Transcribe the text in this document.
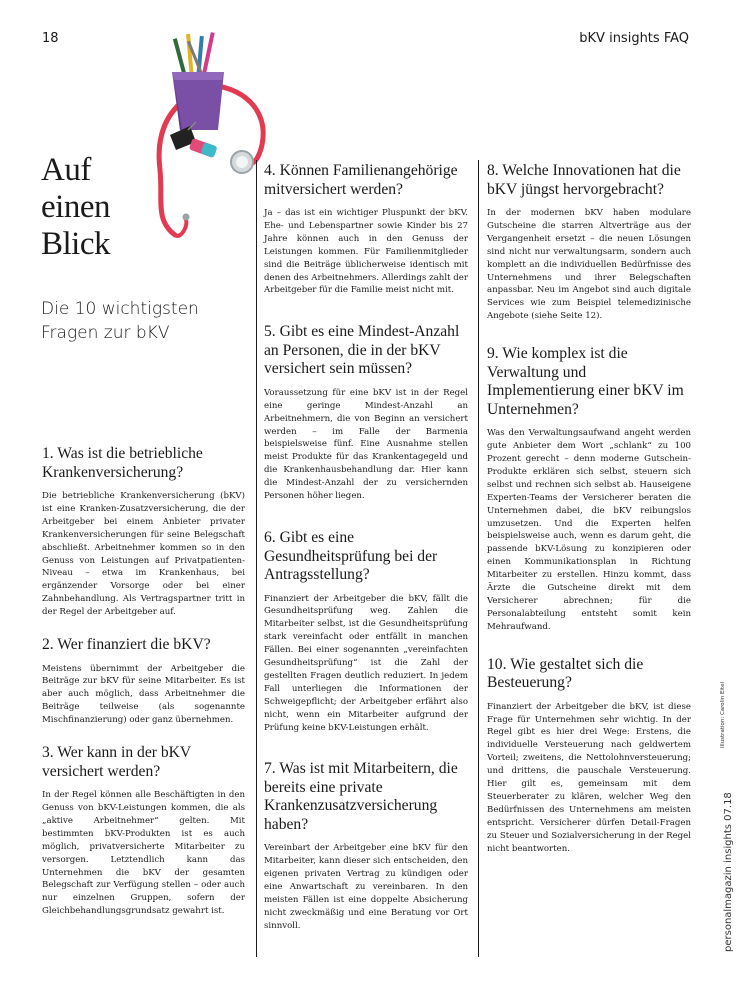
18	bKV insights FAQ
Auf
einen
Blick
Die 10 wichtigsten
Fragen zur bKV

1. Was ist die betriebliche Krankenversicherung?

Die betriebliche Krankenversicherung (bKV) ist eine Kranken-Zusatzversicherung, die der Arbeitgeber bei einem Anbieter privater Krankenversicherungen für seine Belegschaft abschließt. Arbeitnehmer kommen so in den Genuss von Leistungen auf Privatpatienten-Niveau – etwa im Krankenhaus, bei ergänzender Vorsorge oder bei einer Zahnbehandlung. Als Vertragspartner tritt in der Regel der Arbeitgeber auf.

2. Wer finanziert die bKV?

Meistens übernimmt der Arbeitgeber die Beiträge zur bKV für seine Mitarbeiter. Es ist aber auch möglich, dass Arbeitnehmer die Beiträge teilweise (als sogenannte Mischfinanzierung) oder ganz übernehmen.

3. Wer kann in der bKV versichert werden?

In der Regel können alle Beschäftigten in den Genuss von bKV-Leistungen kommen, die als „aktive Arbeitnehmer“ gelten. Mit bestimmten bKV-Produkten ist es auch möglich, privatversicherte Mitarbeiter zu versorgen. Letztendlich kann das Unternehmen die bKV der gesamten Belegschaft zur Verfügung stellen – oder auch nur einzelnen Gruppen, sofern der Gleichbehandlungsgrundsatz gewahrt ist.

4. Können Familienangehörige mitversichert werden?

Ja – das ist ein wichtiger Pluspunkt der bKV. Ehe- und Lebenspartner sowie Kinder bis 27 Jahre können auch in den Genuss der Leistungen kommen. Für Familienmitglieder sind die Beiträge üblicherweise identisch mit denen des Arbeitnehmers. Allerdings zahlt der Arbeitgeber für die Familie meist nicht mit.

5. Gibt es eine Mindest-Anzahl an Personen, die in der bKV versichert sein müssen?

Voraussetzung für eine bKV ist in der Regel eine geringe Mindest-Anzahl an Arbeitnehmern, die von Beginn an versichert werden – im Falle der Barmenia beispielsweise fünf. Eine Ausnahme stellen meist Produkte für das Krankentagegeld und die Krankenhausbehandlung dar. Hier kann die Mindest-Anzahl der zu versichernden Personen höher liegen.

6. Gibt es eine Gesundheitsprüfung bei der Antragsstellung?

Finanziert der Arbeitgeber die bKV, fällt die Gesundheitsprüfung weg. Zahlen die Mitarbeiter selbst, ist die Gesundheitsprüfung stark vereinfacht oder entfällt in manchen Fällen. Bei einer sogenannten „vereinfachten Gesundheitsprüfung“ ist die Zahl der gestellten Fragen deutlich reduziert. In jedem Fall unterliegen die Informationen der Schweigepflicht; der Arbeitgeber erfährt also nicht, wenn ein Mitarbeiter aufgrund der Prüfung keine bKV-Leistungen erhält.

7. Was ist mit Mitarbeitern, die bereits eine private Krankenzusatzversicherung haben?

Vereinbart der Arbeitgeber eine bKV für den Mitarbeiter, kann dieser sich entscheiden, den eigenen privaten Vertrag zu kündigen oder eine Anwartschaft zu vereinbaren. In den meisten Fällen ist eine doppelte Absicherung nicht zweckmäßig und eine Beratung vor Ort sinnvoll.

8. Welche Innovationen hat die bKV jüngst hervorgebracht?

In der modernen bKV haben modulare Gutscheine die starren Altverträge aus der Vergangenheit ersetzt – die neuen Lösungen sind nicht nur verwaltungsarm, sondern auch komplett an die individuellen Bedürfnisse des Unternehmens und ihrer Belegschaften anpassbar. Neu im Angebot sind auch digitale Services wie zum Beispiel telemedizinische Angebote (siehe Seite 12).

9. Wie komplex ist die Verwaltung und Implementierung einer bKV im Unternehmen?

Was den Verwaltungsaufwand angeht werden gute Anbieter dem Wort „schlank“ zu 100 Prozent gerecht – denn moderne Gutschein-Produkte erklären sich selbst, steuern sich selbst und rechnen sich selbst ab. Hauseigene Experten-Teams der Versicherer beraten die Unternehmen dabei, die bKV reibungslos umzusetzen. Und die Experten helfen beispielsweise auch, wenn es darum geht, die passende bKV-Lösung zu konzipieren oder einen Kommunikationsplan in Richtung Mitarbeiter zu erstellen. Hinzu kommt, dass Ärzte die Gutscheine direkt mit dem Versicherer abrechnen; für die Personalabteilung entsteht somit kein Mehraufwand.

10. Wie gestaltet sich die Besteuerung?

Finanziert der Arbeitgeber die bKV, ist diese Frage für Unternehmen sehr wichtig. In der Regel gibt es hier drei Wege: Erstens, die individuelle Versteuerung nach geldwertem Vorteil; zweitens, die Nettolohnversteuerung; und drittens, die pauschale Versteuerung. Hier gilt es, gemeinsam mit dem Steuerberater zu klären, welcher Weg den Bedürfnissen des Unternehmens am meisten entspricht. Versicherer dürfen Detail-Fragen zu Steuer und Sozialversicherung in der Regel nicht beantworten.

Illustration: Carolin Eitel
personalmagazin insights 07.18
